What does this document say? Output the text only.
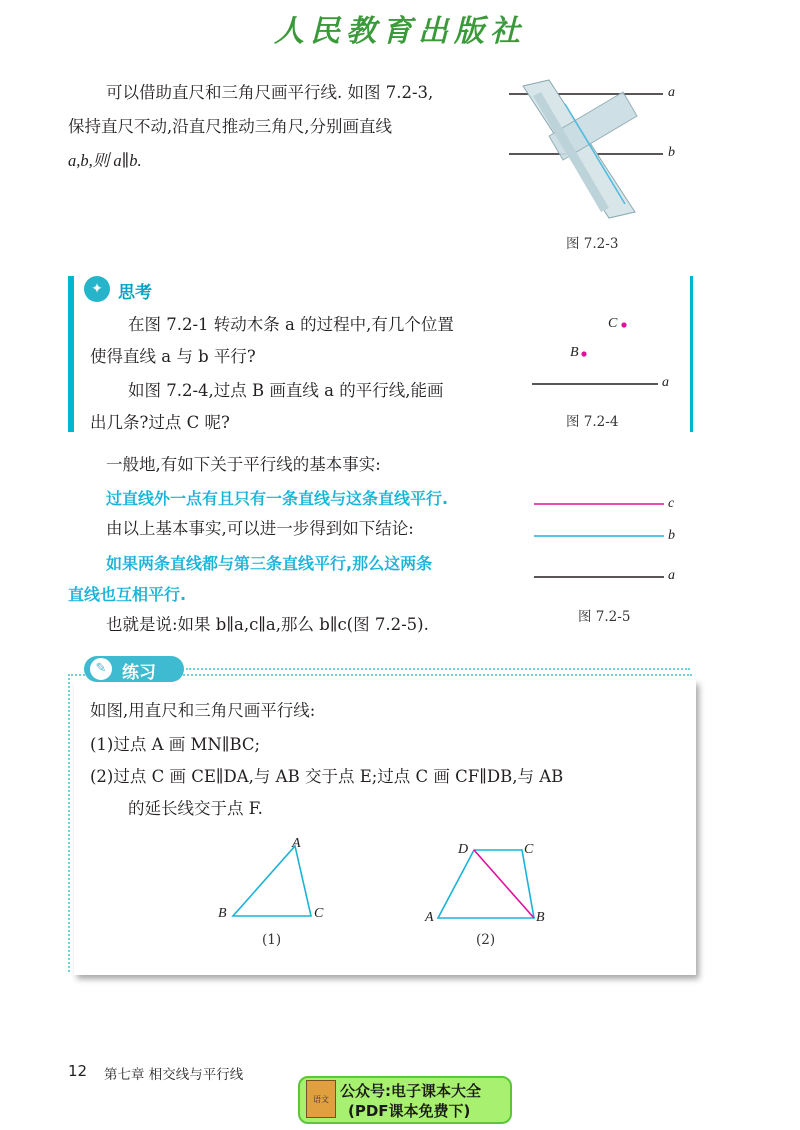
人民教育出版社
可以借助直尺和三角尺画平行线. 如图 7.2-3,
保持直尺不动,沿直尺推动三角尺,分别画直线
a,b,则 a∥b.
a
b
图 7.2-3
✦ 思考
在图 7.2-1 转动木条 a 的过程中,有几个位置
使得直线 a 与 b 平行?
如图 7.2-4,过点 B 画直线 a 的平行线,能画
出几条?过点 C 呢?
C
B
a
图 7.2-4
一般地,有如下关于平行线的基本事实:
过直线外一点有且只有一条直线与这条直线平行.
由以上基本事实,可以进一步得到如下结论:
如果两条直线都与第三条直线平行,那么这两条
直线也互相平行.
也就是说:如果 b∥a,c∥a,那么 b∥c(图 7.2-5).
c
b
a
图 7.2-5
✎ 练习
如图,用直尺和三角尺画平行线:
(1)过点 A 画 MN∥BC;
(2)过点 C 画 CE∥DA,与 AB 交于点 E;过点 C 画 CF∥DB,与 AB
的延长线交于点 F.
A
B	C
(1)
D	C
A	B
(2)
12 第七章 相交线与平行线
语文 公众号:电子课本大全
(PDF课本免费下)
